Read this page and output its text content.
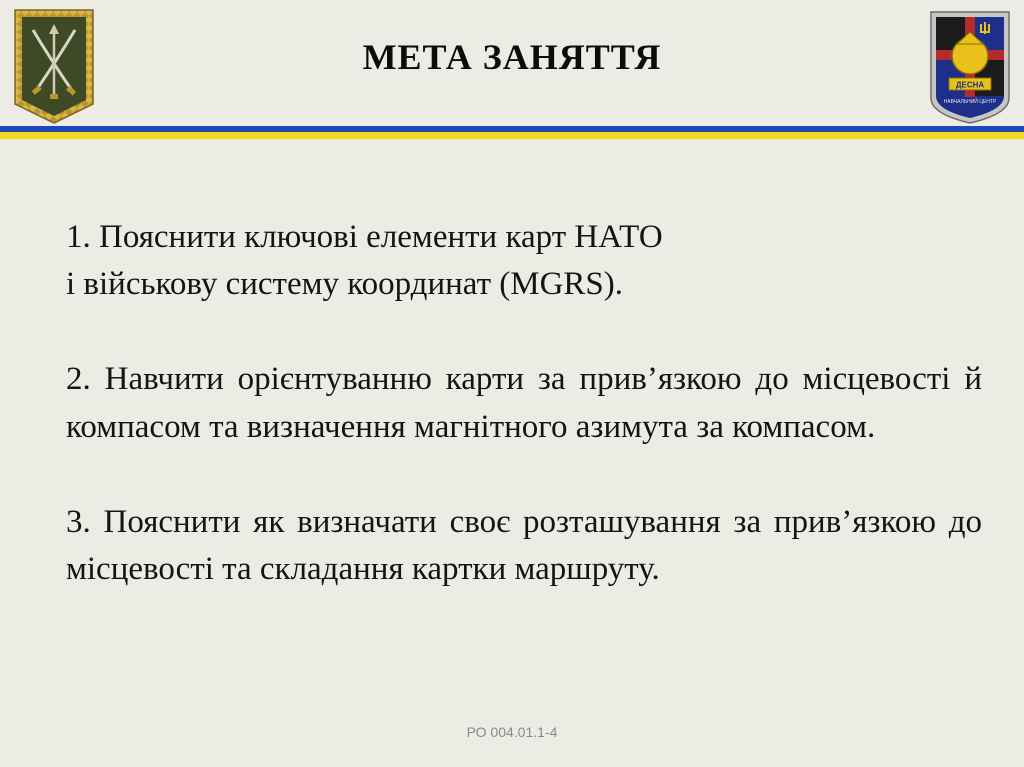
МЕТА ЗАНЯТТЯ
ДЕСНА
НАВЧАЛЬНИЙ ЦЕНТР

1. Пояснити ключові елементи карт НАТО
і військову систему координат (MGRS).

2. Навчити орієнтуванню карти за прив’язкою до місцевості й компасом та визначення магнітного азимута за компасом.

3. Пояснити як визначати своє розташування за прив’язкою до місцевості та складання картки маршруту.

РО 004.01.1-4
